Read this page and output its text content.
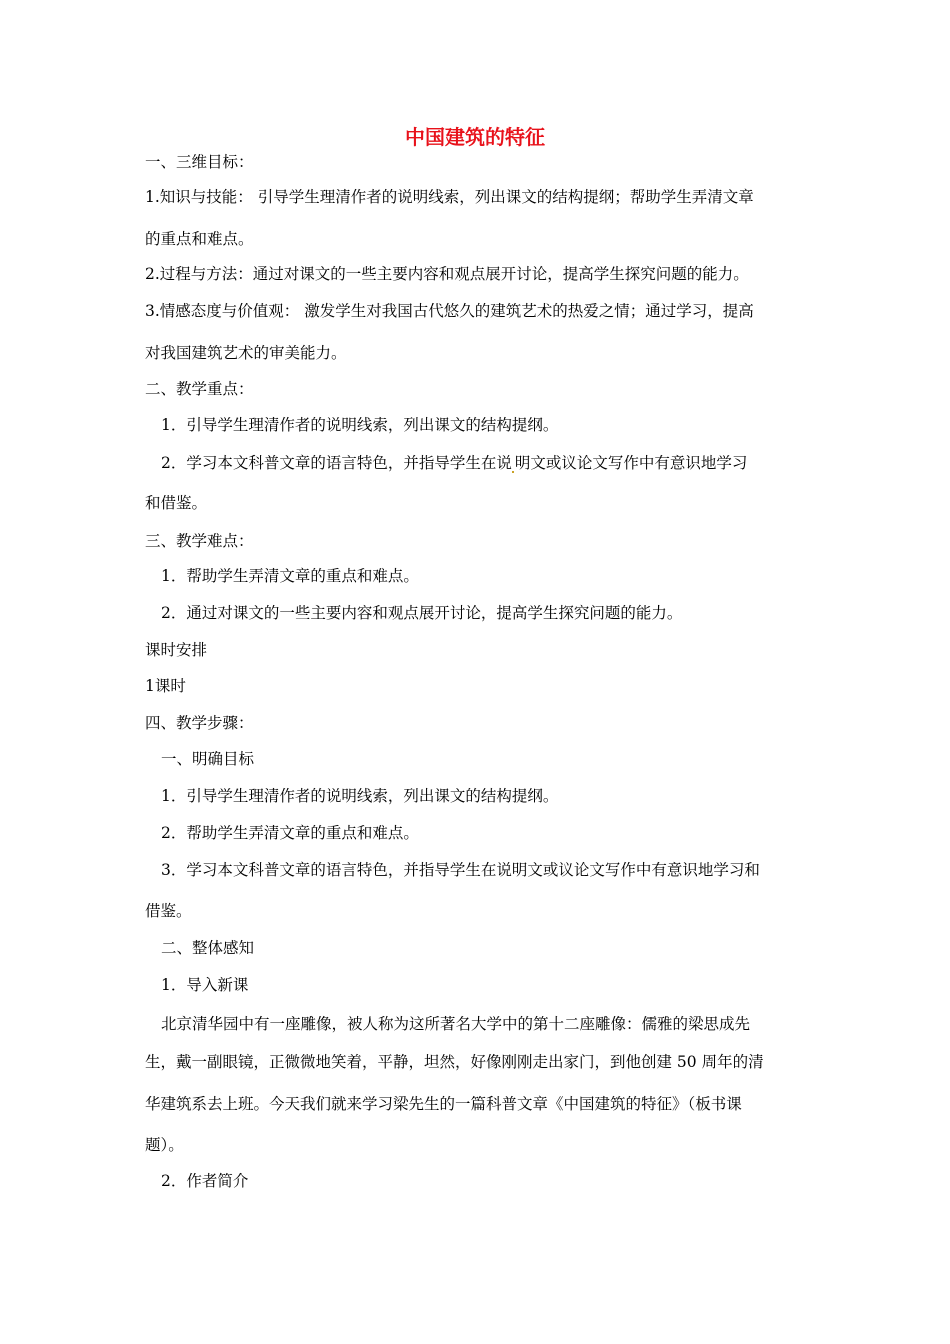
中国建筑的特征
一、三维目标：
1.知识与技能： 引导学生理清作者的说明线索，列出课文的结构提纲；帮助学生弄清文章
的重点和难点。
2.过程与方法：通过对课文的一些主要内容和观点展开讨论，提高学生探究问题的能力。
3.情感态度与价值观： 激发学生对我国古代悠久的建筑艺术的热爱之情；通过学习，提高
对我国建筑艺术的审美能力。
二、教学重点：
1．引导学生理清作者的说明线索，列出课文的结构提纲。
2．学习本文科普文章的语言特色，并指导学生在说 明文或议论文写作中有意识地学习
和借鉴。
三、教学难点：
1．帮助学生弄清文章的重点和难点。
2．通过对课文的一些主要内容和观点展开讨论，提高学生探究问题的能力。
课时安排
1课时
四、教学步骤：
一、明确目标
1．引导学生理清作者的说明线索，列出课文的结构提纲。
2．帮助学生弄清文章的重点和难点。
3．学习本文科普文章的语言特色，并指导学生在说明文或议论文写作中有意识地学习和
借鉴。
二、整体感知
1．导入新课
北京清华园中有一座雕像，被人称为这所著名大学中的第十二座雕像：儒雅的梁思成先
生，戴一副眼镜，正微微地笑着，平静，坦然，好像刚刚走出家门，到他创建 50 周年的清
华建筑系去上班。今天我们就来学习梁先生的一篇科普文章《中国建筑的特征》（板书课
题）。
2．作者简介
